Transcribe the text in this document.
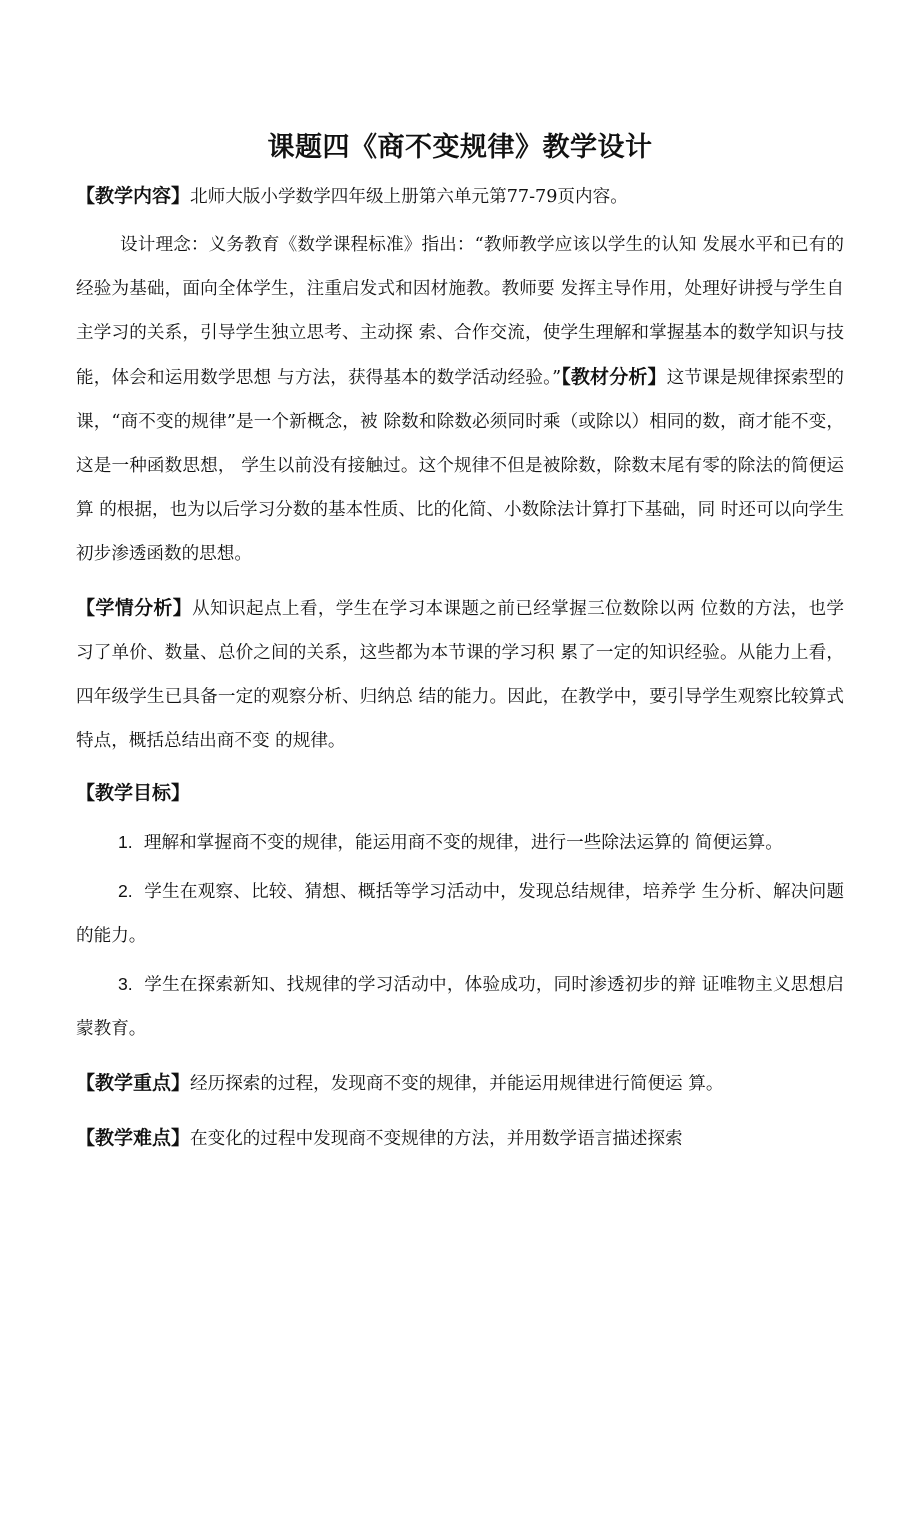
课题四《商不变规律》教学设计

【教学内容】北师大版小学数学四年级上册第六单元第77-79页内容。

设计理念：义务教育《数学课程标准》指出：“教师教学应该以学生的认知 发展水平和已有的经验为基础，面向全体学生，注重启发式和因材施教。教师要 发挥主导作用，处理好讲授与学生自主学习的关系，引导学生独立思考、主动探 索、合作交流，使学生理解和掌握基本的数学知识与技能，体会和运用数学思想 与方法，获得基本的数学活动经验。”【教材分析】这节课是规律探索型的课，“商不变的规律”是一个新概念，被 除数和除数必须同时乘（或除以）相同的数，商才能不变，这是一种函数思想， 学生以前没有接触过。这个规律不但是被除数，除数末尾有零的除法的简便运算 的根据，也为以后学习分数的基本性质、比的化简、小数除法计算打下基础，同 时还可以向学生初步渗透函数的思想。

【学情分析】从知识起点上看，学生在学习本课题之前已经掌握三位数除以两 位数的方法，也学习了单价、数量、总价之间的关系，这些都为本节课的学习积 累了一定的知识经验。从能力上看，四年级学生已具备一定的观察分析、归纳总 结的能力。因此，在教学中，要引导学生观察比较算式特点，概括总结出商不变 的规律。

【教学目标】

1. 理解和掌握商不变的规律，能运用商不变的规律，进行一些除法运算的 简便运算。

2. 学生在观察、比较、猜想、概括等学习活动中，发现总结规律，培养学 生分析、解决问题的能力。

3. 学生在探索新知、找规律的学习活动中，体验成功，同时渗透初步的辩 证唯物主义思想启蒙教育。

【教学重点】经历探索的过程，发现商不变的规律，并能运用规律进行简便运 算。

【教学难点】在变化的过程中发现商不变规律的方法，并用数学语言描述探索
